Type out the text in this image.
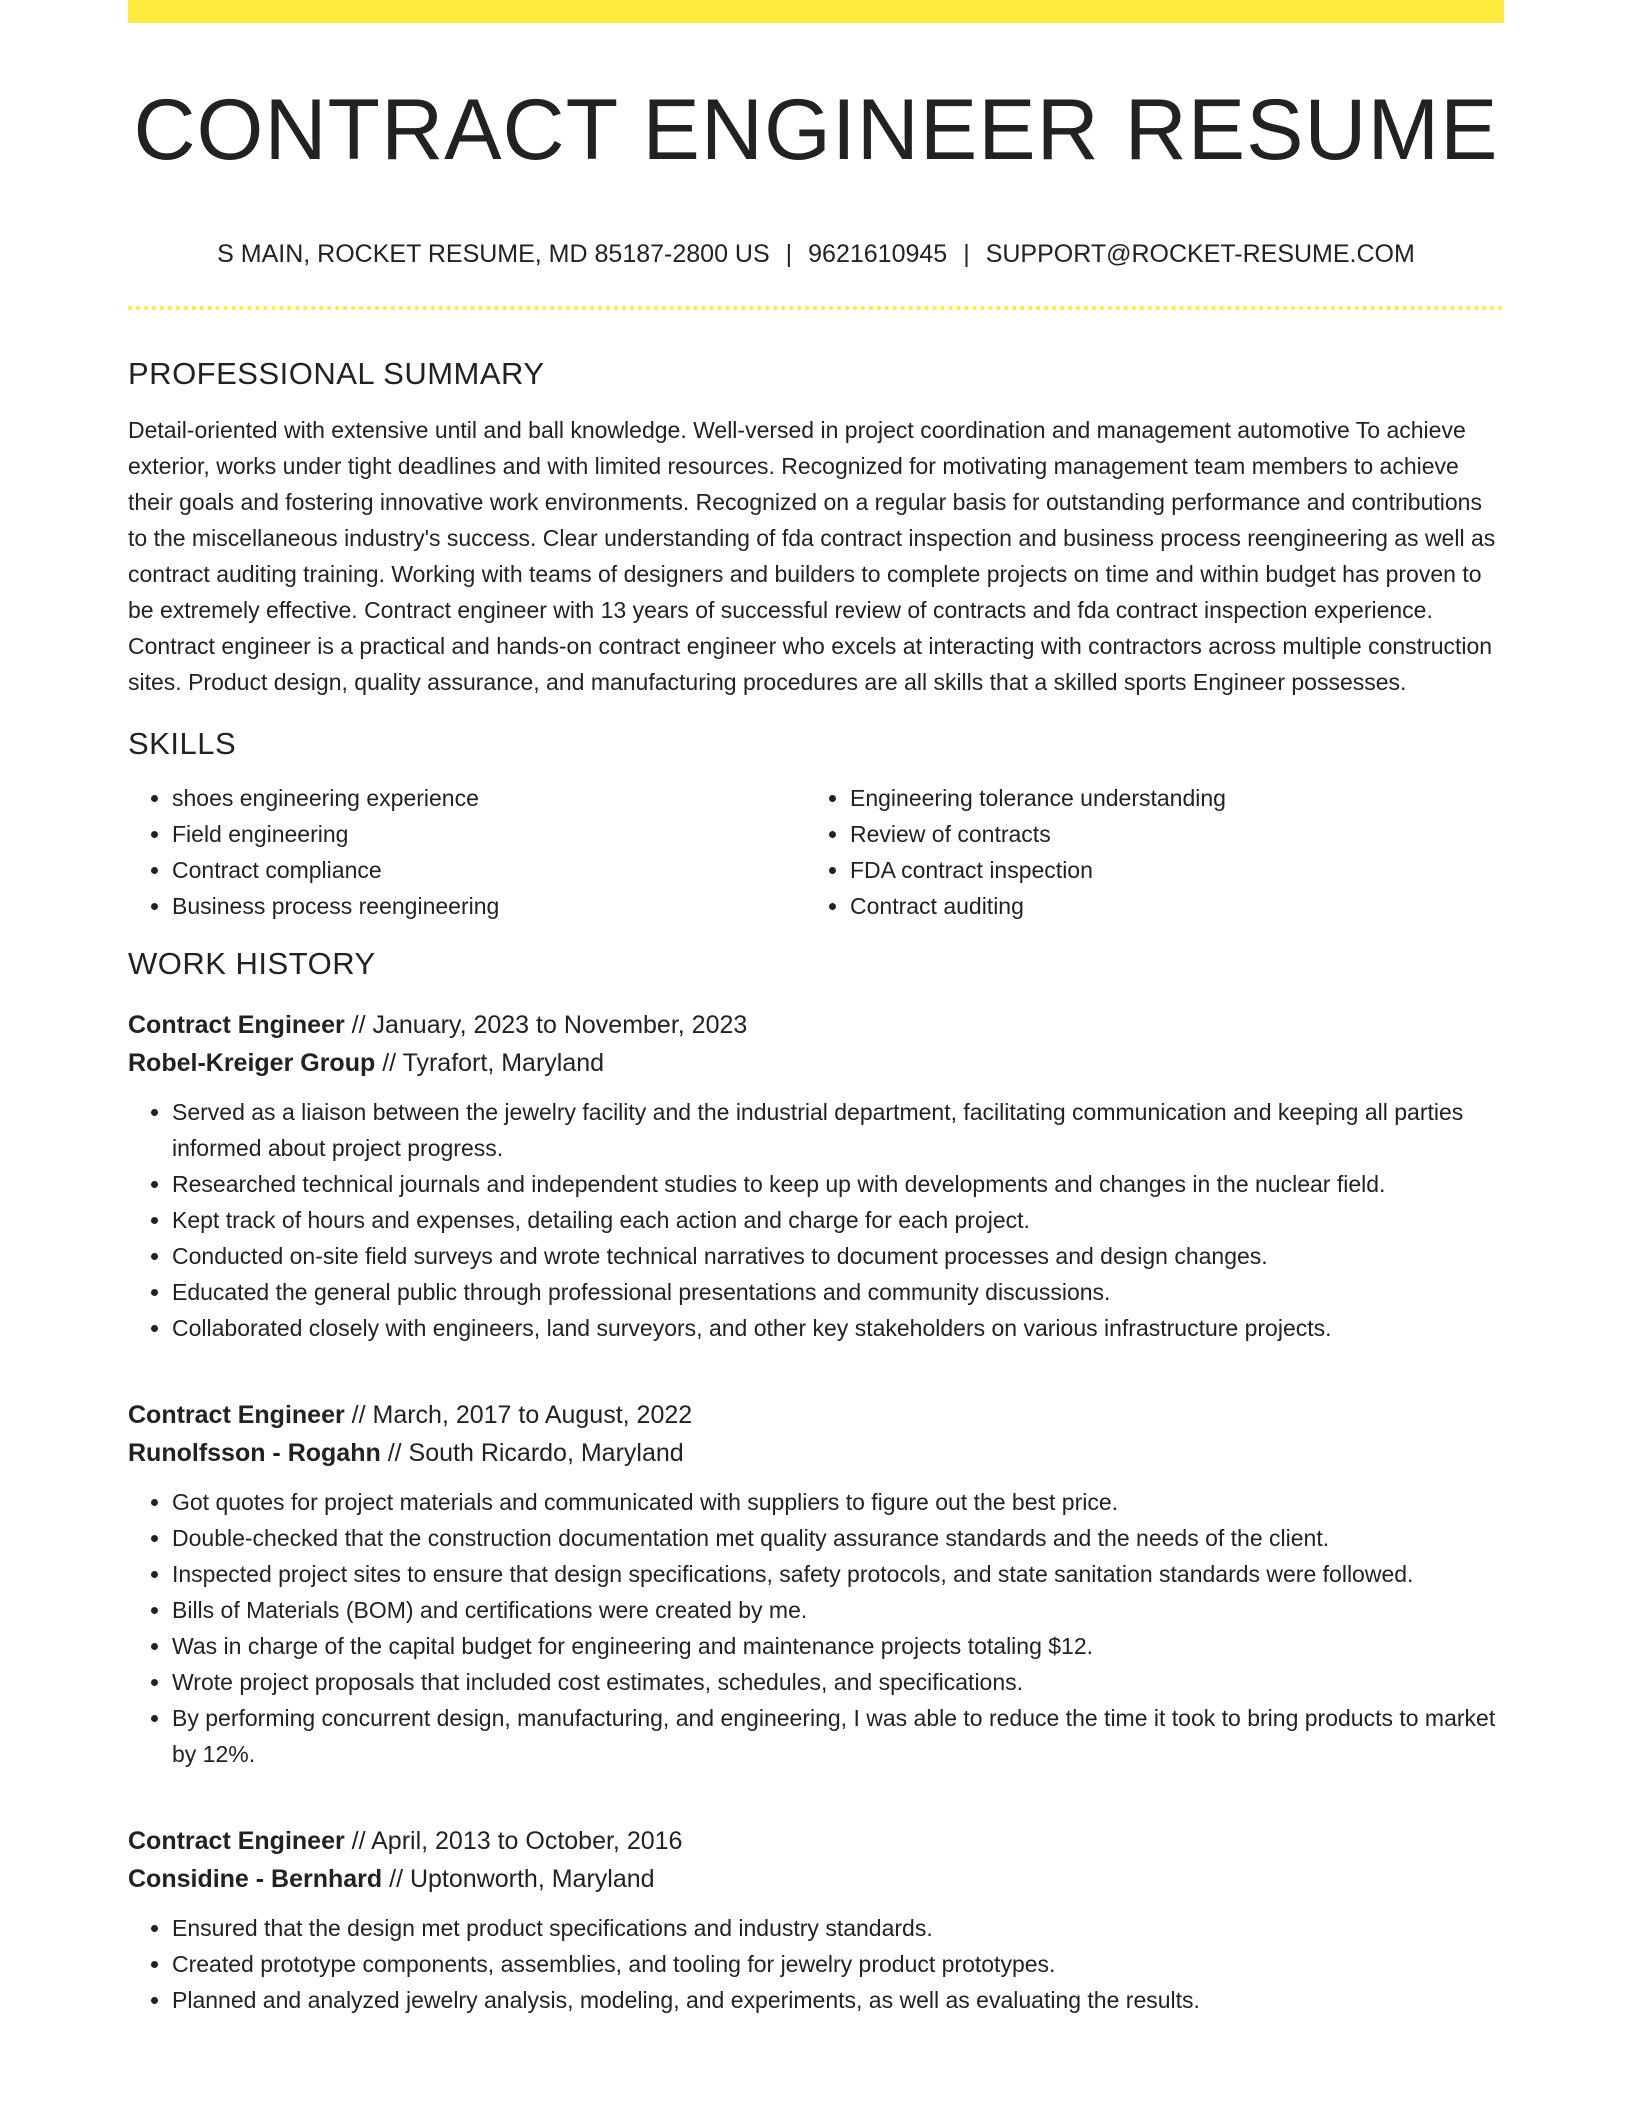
CONTRACT ENGINEER RESUME
S MAIN, ROCKET RESUME, MD 85187-2800 US | 9621610945 | SUPPORT@ROCKET-RESUME.COM
PROFESSIONAL SUMMARY

Detail-oriented with extensive until and ball knowledge. Well-versed in project coordination and management automotive To achieve exterior, works under tight deadlines and with limited resources. Recognized for motivating management team members to achieve their goals and fostering innovative work environments. Recognized on a regular basis for outstanding performance and contributions to the miscellaneous industry's success. Clear understanding of fda contract inspection and business process reengineering as well as contract auditing training. Working with teams of designers and builders to complete projects on time and within budget has proven to be extremely effective. Contract engineer with 13 years of successful review of contracts and fda contract inspection experience. Contract engineer is a practical and hands-on contract engineer who excels at interacting with contractors across multiple construction sites. Product design, quality assurance, and manufacturing procedures are all skills that a skilled sports Engineer possesses.

SKILLS
• shoes engineering experience
• Field engineering
• Contract compliance
• Business process reengineering
• Engineering tolerance understanding
• Review of contracts
• FDA contract inspection
• Contract auditing
WORK HISTORY
Contract Engineer // January, 2023 to November, 2023
Robel-Kreiger Group // Tyrafort, Maryland
• Served as a liaison between the jewelry facility and the industrial department, facilitating communication and keeping all parties informed about project progress.
• Researched technical journals and independent studies to keep up with developments and changes in the nuclear field.
• Kept track of hours and expenses, detailing each action and charge for each project.
• Conducted on-site field surveys and wrote technical narratives to document processes and design changes.
• Educated the general public through professional presentations and community discussions.
• Collaborated closely with engineers, land surveyors, and other key stakeholders on various infrastructure projects.
Contract Engineer // March, 2017 to August, 2022
Runolfsson - Rogahn // South Ricardo, Maryland
• Got quotes for project materials and communicated with suppliers to figure out the best price.
• Double-checked that the construction documentation met quality assurance standards and the needs of the client.
• Inspected project sites to ensure that design specifications, safety protocols, and state sanitation standards were followed.
• Bills of Materials (BOM) and certifications were created by me.
• Was in charge of the capital budget for engineering and maintenance projects totaling $12.
• Wrote project proposals that included cost estimates, schedules, and specifications.
• By performing concurrent design, manufacturing, and engineering, I was able to reduce the time it took to bring products to market by 12%.
Contract Engineer // April, 2013 to October, 2016
Considine - Bernhard // Uptonworth, Maryland
• Ensured that the design met product specifications and industry standards.
• Created prototype components, assemblies, and tooling for jewelry product prototypes.
• Planned and analyzed jewelry analysis, modeling, and experiments, as well as evaluating the results.
